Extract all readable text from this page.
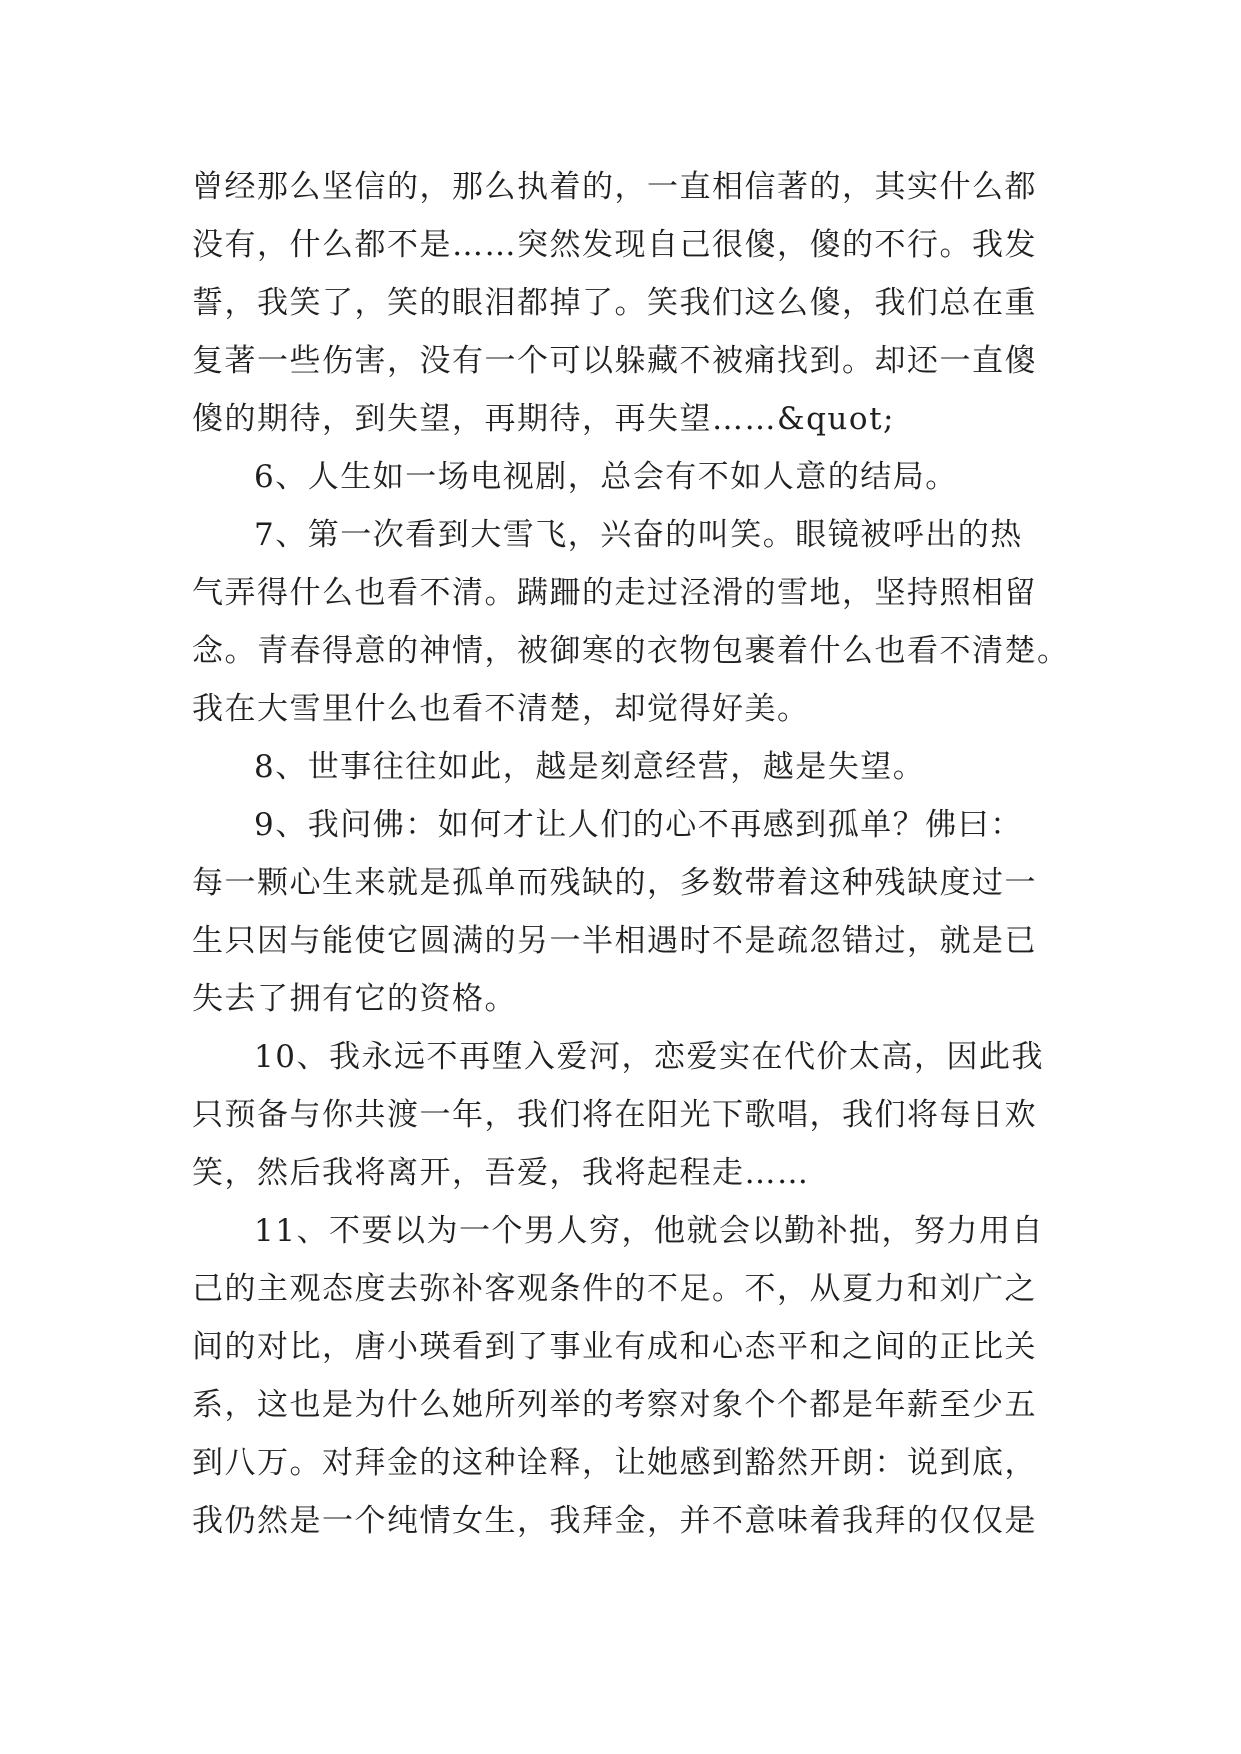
曾经那么坚信的，那么执着的，一直相信著的，其实什么都
没有，什么都不是……突然发现自己很傻，傻的不行。我发
誓，我笑了，笑的眼泪都掉了。笑我们这么傻，我们总在重
复著一些伤害，没有一个可以躲藏不被痛找到。却还一直傻
傻的期待，到失望，再期待，再失望……&quot;
6、人生如一场电视剧，总会有不如人意的结局。
7、第一次看到大雪飞，兴奋的叫笑。眼镜被呼出的热
气弄得什么也看不清。蹒跚的走过泾滑的雪地，坚持照相留
念。青春得意的神情，被御寒的衣物包裹着什么也看不清楚。
我在大雪里什么也看不清楚，却觉得好美。
8、世事往往如此，越是刻意经营，越是失望。
9、我问佛：如何才让人们的心不再感到孤单？佛曰：
每一颗心生来就是孤单而残缺的，多数带着这种残缺度过一
生只因与能使它圆满的另一半相遇时不是疏忽错过，就是已
失去了拥有它的资格。
10、我永远不再堕入爱河，恋爱实在代价太高，因此我
只预备与你共渡一年，我们将在阳光下歌唱，我们将每日欢
笑，然后我将离开，吾爱，我将起程走……
11、不要以为一个男人穷，他就会以勤补拙，努力用自
己的主观态度去弥补客观条件的不足。不，从夏力和刘广之
间的对比，唐小瑛看到了事业有成和心态平和之间的正比关
系，这也是为什么她所列举的考察对象个个都是年薪至少五
到八万。对拜金的这种诠释，让她感到豁然开朗：说到底，
我仍然是一个纯情女生，我拜金，并不意味着我拜的仅仅是
